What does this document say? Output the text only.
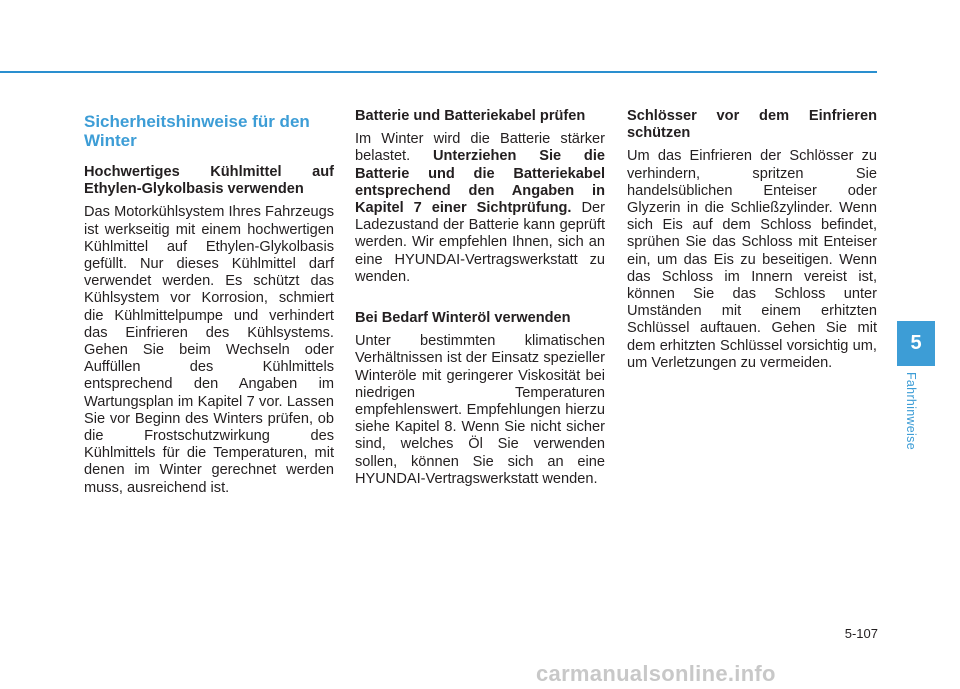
Sicherheitshinweise für den Winter
Hochwertiges Kühlmittel auf
Ethylen-Glykolbasis verwenden

Das Motorkühlsystem Ihres Fahrzeugs ist werkseitig mit einem hochwertigen Kühlmittel auf Ethylen-Glykolbasis gefüllt. Nur dieses Kühlmittel darf verwendet werden. Es schützt das Kühlsystem vor Korrosion, schmiert die Kühlmittelpumpe und verhindert das Einfrieren des Kühlsystems. Gehen Sie beim Wechseln oder Auffüllen des Kühlmittels entsprechend den Angaben im Wartungsplan im Kapitel 7 vor. Lassen Sie vor Beginn des Winters prüfen, ob die Frostschutzwirkung des Kühlmittels für die Temperaturen, mit denen im Winter gerechnet werden muss, ausreichend ist.

Batterie und Batteriekabel prüfen

Im Winter wird die Batterie stärker belastet. Unterziehen Sie die Batterie und die Batteriekabel entsprechend den Angaben in Kapitel 7 einer Sichtprüfung. Der Ladezustand der Batterie kann geprüft werden. Wir empfehlen Ihnen, sich an eine HYUNDAI-Vertragswerkstatt zu wenden.

Bei Bedarf Winteröl verwenden

Unter bestimmten klimatischen Verhältnissen ist der Einsatz spezieller Winteröle mit geringerer Viskosität bei niedrigen Temperaturen empfehlenswert. Empfehlungen hierzu siehe Kapitel 8. Wenn Sie nicht sicher sind, welches Öl Sie verwenden sollen, können Sie sich an eine HYUNDAI-Vertragswerkstatt wenden.

Schlösser vor dem Einfrieren
schützen

Um das Einfrieren der Schlösser zu verhindern, spritzen Sie handelsüblichen Enteiser oder Glyzerin in die Schließzylinder. Wenn sich Eis auf dem Schloss befindet, sprühen Sie das Schloss mit Enteiser ein, um das Eis zu beseitigen. Wenn das Schloss im Innern vereist ist, können Sie das Schloss unter Umständen mit einem erhitzten Schlüssel auftauen. Gehen Sie mit dem erhitzten Schlüssel vorsichtig um, um Verletzungen zu vermeiden.

5
Fahrhinweise
5-107
carmanualsonline.info
